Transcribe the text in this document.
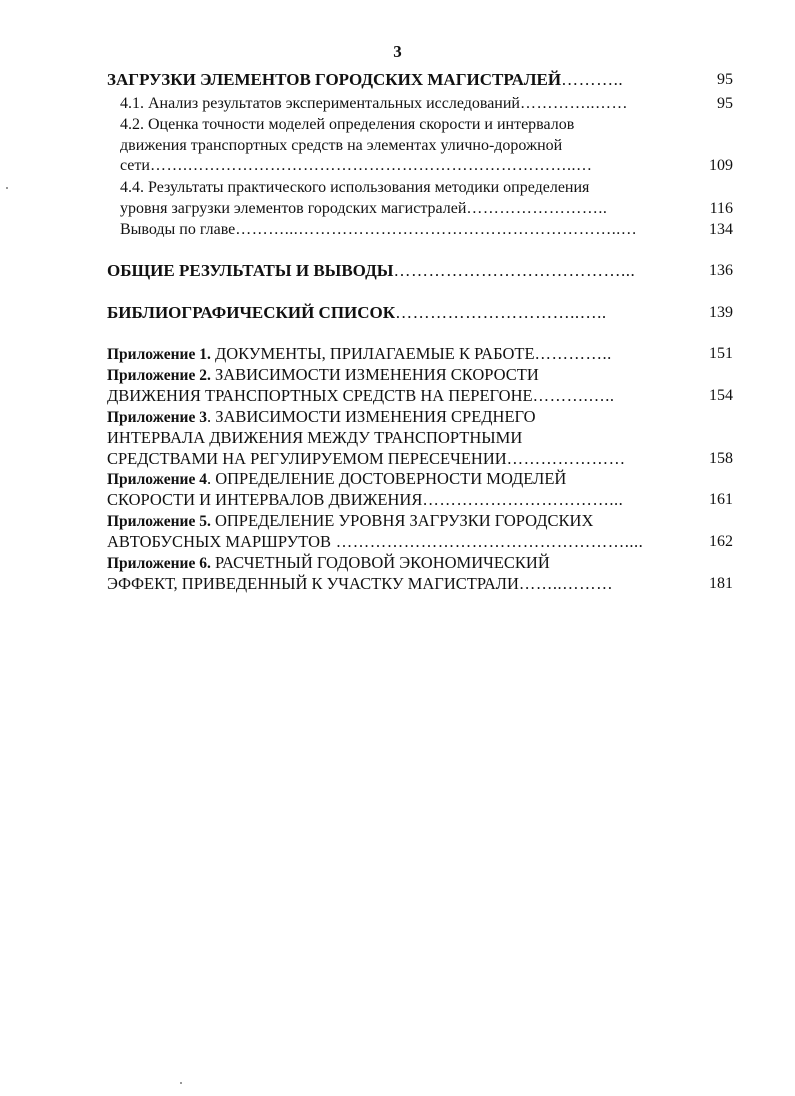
3
95
ЗАГРУЗКИ ЭЛЕМЕНТОВ ГОРОДСКИХ МАГИСТРАЛЕЙ………..
95
4.1. Анализ результатов экспериментальных исследований…………..……
4.2. Оценка точности моделей определения скорости и интервалов
движения транспортных средств на элементах улично-дорожной
109
сети…….……………………………………………………………..…
4.4. Результаты практического использования методики определения
116
уровня загрузки элементов городских магистралей……………………..
134
Выводы по главе………...…………………………………………………..…
136
ОБЩИЕ РЕЗУЛЬТАТЫ И ВЫВОДЫ…………………………………...
139
БИБЛИОГРАФИЧЕСКИЙ СПИСОК…………………………..…..
151
Приложение 1. ДОКУМЕНТЫ, ПРИЛАГАЕМЫЕ К РАБОТЕ…………..
Приложение 2. ЗАВИСИМОСТИ ИЗМЕНЕНИЯ СКОРОСТИ
154
ДВИЖЕНИЯ ТРАНСПОРТНЫХ СРЕДСТВ НА ПЕРЕГОНЕ……….…..
Приложение 3. ЗАВИСИМОСТИ ИЗМЕНЕНИЯ СРЕДНЕГО
ИНТЕРВАЛА ДВИЖЕНИЯ МЕЖДУ ТРАНСПОРТНЫМИ
158
СРЕДСТВАМИ НА РЕГУЛИРУЕМОМ ПЕРЕСЕЧЕНИИ…………………
Приложение 4. ОПРЕДЕЛЕНИЕ ДОСТОВЕРНОСТИ МОДЕЛЕЙ
161
СКОРОСТИ И ИНТЕРВАЛОВ ДВИЖЕНИЯ……………………………...
Приложение 5. ОПРЕДЕЛЕНИЕ УРОВНЯ ЗАГРУЗКИ ГОРОДСКИХ
162
АВТОБУСНЫХ МАРШРУТОВ ……………………………………………....
Приложение 6. РАСЧЕТНЫЙ ГОДОВОЙ ЭКОНОМИЧЕСКИЙ
181
ЭФФЕКТ, ПРИВЕДЕННЫЙ К УЧАСТКУ МАГИСТРАЛИ……..………
